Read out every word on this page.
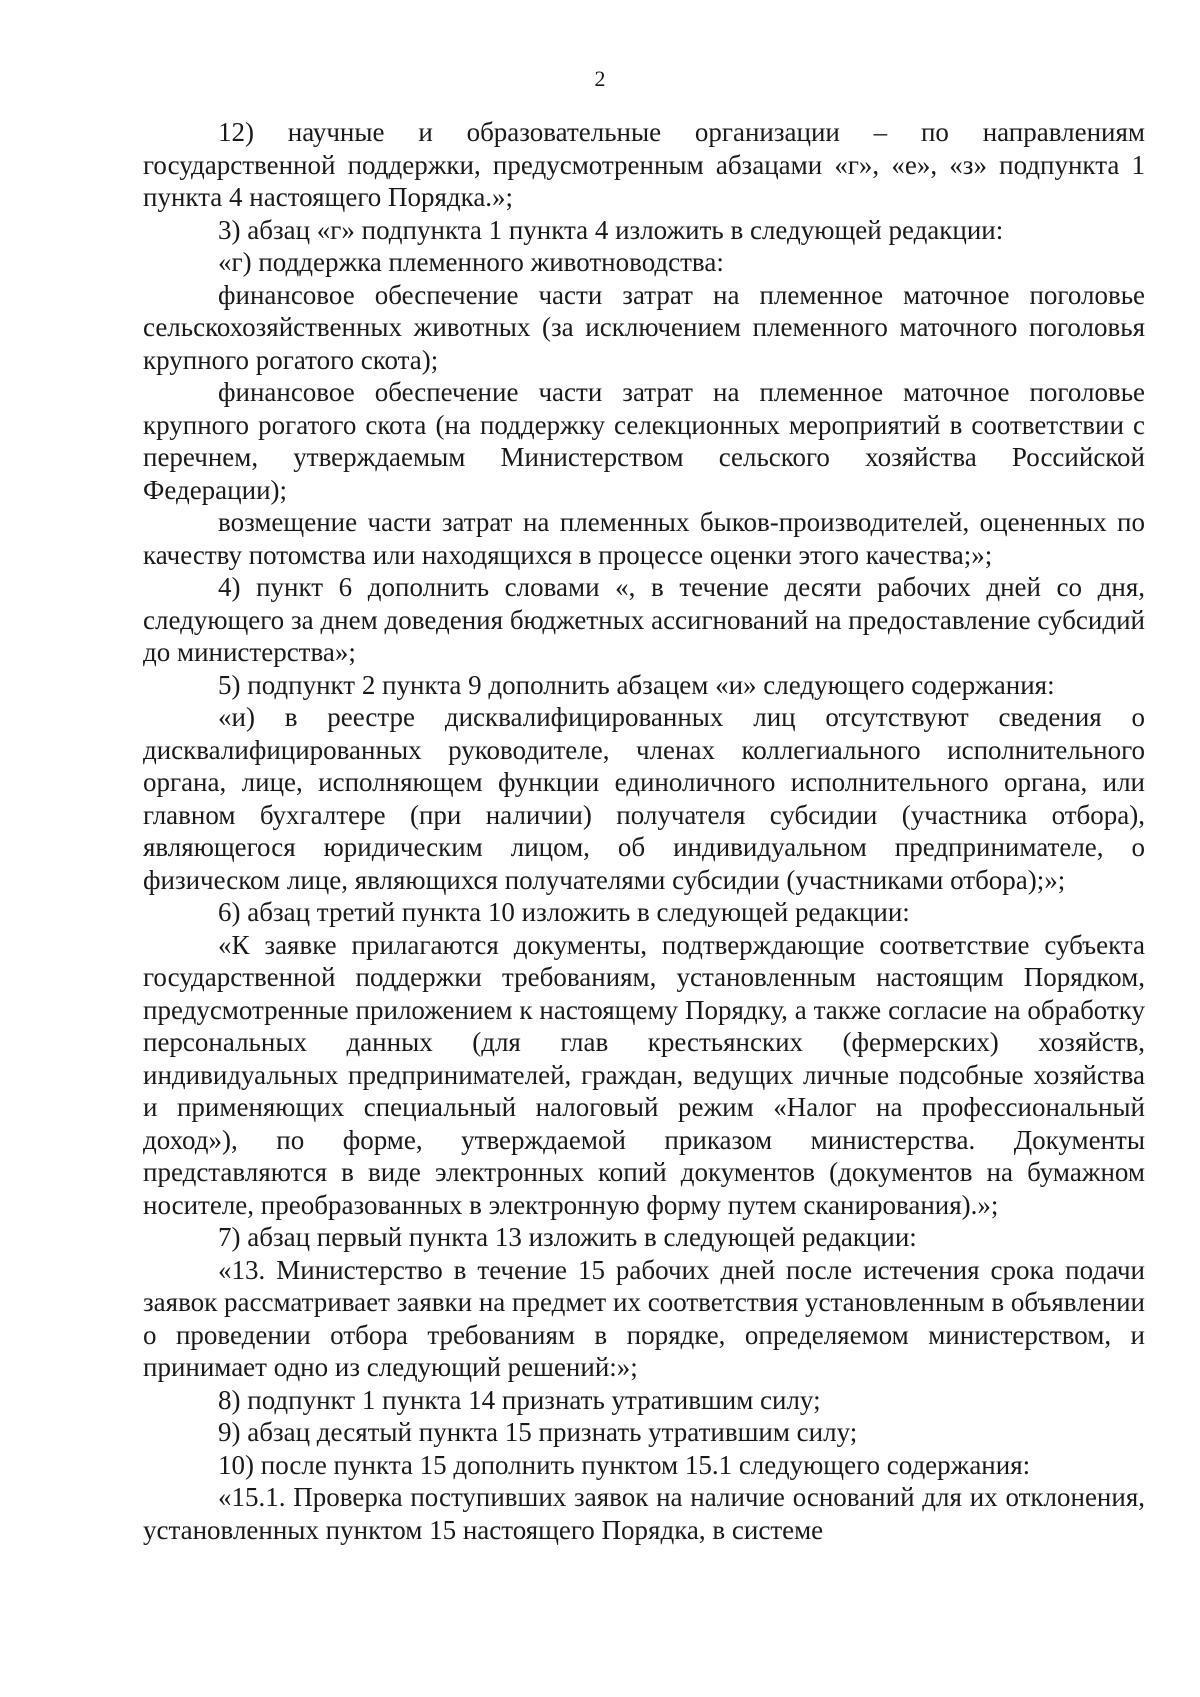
2

12) научные и образовательные организации – по направлениям государственной поддержки, предусмотренным абзацами «г», «е», «з» подпункта 1 пункта 4 настоящего Порядка.»;

3) абзац «г» подпункта 1 пункта 4 изложить в следующей редакции:

«г) поддержка племенного животноводства:

финансовое обеспечение части затрат на племенное маточное поголовье сельскохозяйственных животных (за исключением племенного маточного поголовья крупного рогатого скота);

финансовое обеспечение части затрат на племенное маточное поголовье крупного рогатого скота (на поддержку селекционных мероприятий в соответствии с перечнем, утверждаемым Министерством сельского хозяйства Российской Федерации);

возмещение части затрат на племенных быков-производителей, оцененных по качеству потомства или находящихся в процессе оценки этого качества;»;

4) пункт 6 дополнить словами «, в течение десяти рабочих дней со дня, следующего за днем доведения бюджетных ассигнований на предоставление субсидий до министерства»;

5) подпункт 2 пункта 9 дополнить абзацем «и» следующего содержания:

«и) в реестре дисквалифицированных лиц отсутствуют сведения о дисквалифицированных руководителе, членах коллегиального исполнительного органа, лице, исполняющем функции единоличного исполнительного органа, или главном бухгалтере (при наличии) получателя субсидии (участника отбора), являющегося юридическим лицом, об индивидуальном предпринимателе, о физическом лице, являющихся получателями субсидии (участниками отбора);»;

6) абзац третий пункта 10 изложить в следующей редакции:

«К заявке прилагаются документы, подтверждающие соответствие субъекта государственной поддержки требованиям, установленным настоящим Порядком, предусмотренные приложением к настоящему Порядку, а также согласие на обработку персональных данных (для глав крестьянских (фермерских) хозяйств, индивидуальных предпринимателей, граждан, ведущих личные подсобные хозяйства и применяющих специальный налоговый режим «Налог на профессиональный доход»), по форме, утверждаемой приказом министерства. Документы представляются в виде электронных копий документов (документов на бумажном носителе, преобразованных в электронную форму путем сканирования).»;

7) абзац первый пункта 13 изложить в следующей редакции:

«13. Министерство в течение 15 рабочих дней после истечения срока подачи заявок рассматривает заявки на предмет их соответствия установленным в объявлении о проведении отбора требованиям в порядке, определяемом министерством, и принимает одно из следующий решений:»;

8) подпункт 1 пункта 14 признать утратившим силу;

9) абзац десятый пункта 15 признать утратившим силу;

10) после пункта 15 дополнить пунктом 15.1 следующего содержания:

«15.1. Проверка поступивших заявок на наличие оснований для их отклонения, установленных пунктом 15 настоящего Порядка, в системе
